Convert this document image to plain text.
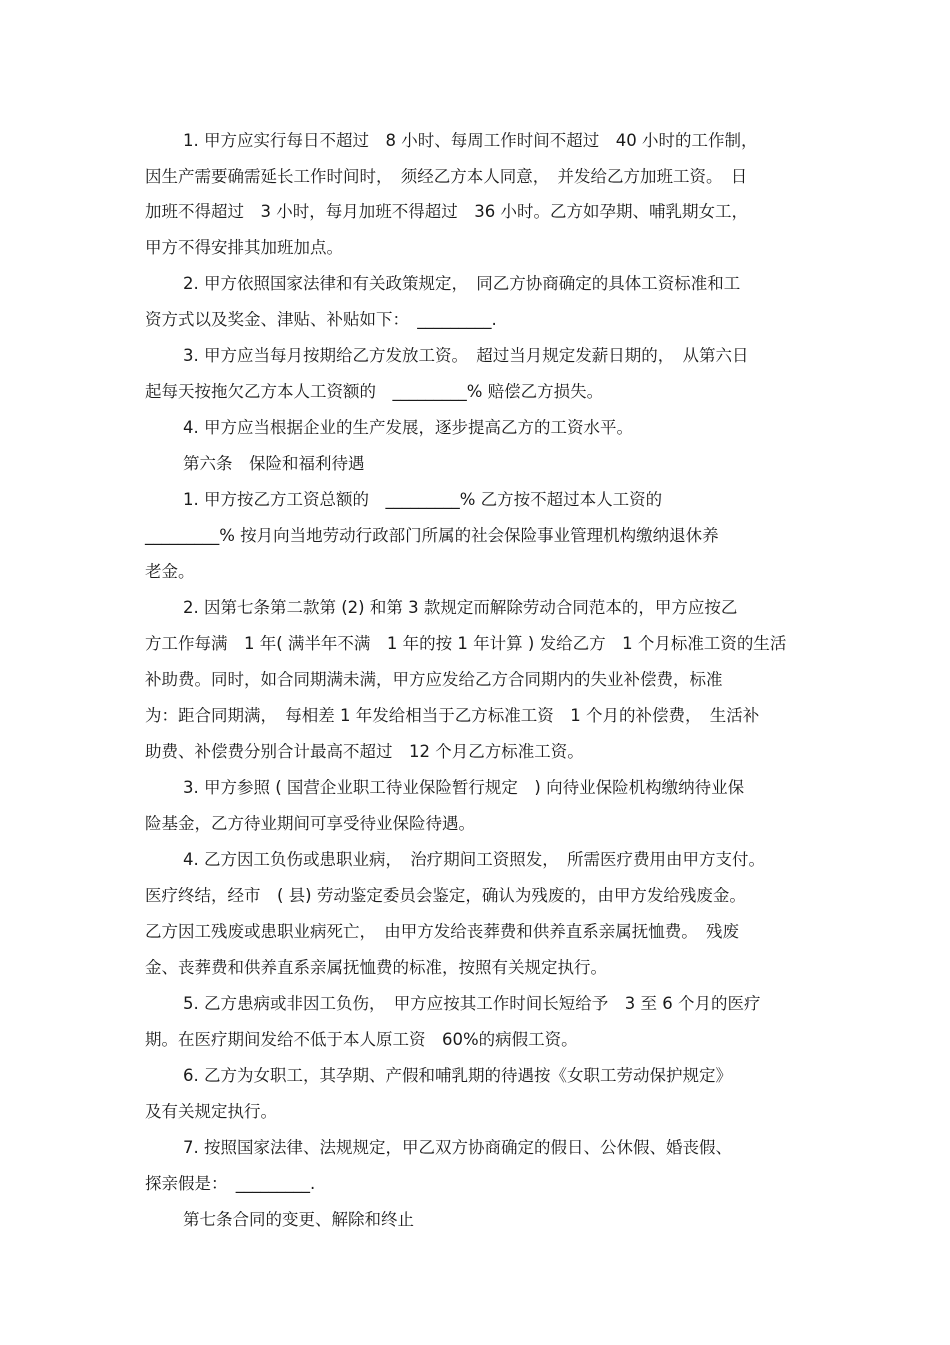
1. 甲方应实行每日不超过　8 小时、每周工作时间不超过　40 小时的工作制，
因生产需要确需延长工作时间时，　须经乙方本人同意，　并发给乙方加班工资。　日
加班不得超过　3 小时，每月加班不得超过　36 小时。乙方如孕期、哺乳期女工，
甲方不得安排其加班加点。
2. 甲方依照国家法律和有关政策规定，　同乙方协商确定的具体工资标准和工
资方式以及奖金、津贴、补贴如下：　_________.
3. 甲方应当每月按期给乙方发放工资。　超过当月规定发薪日期的，　从第六日
起每天按拖欠乙方本人工资额的　_________% 赔偿乙方损失。
4. 甲方应当根据企业的生产发展，逐步提高乙方的工资水平。
第六条　保险和福利待遇
1. 甲方按乙方工资总额的　_________% 乙方按不超过本人工资的
_________% 按月向当地劳动行政部门所属的社会保险事业管理机构缴纳退休养
老金。
2. 因第七条第二款第 (2) 和第 3 款规定而解除劳动合同范本的，甲方应按乙
方工作每满　1 年( 满半年不满　1 年的按 1 年计算 ) 发给乙方　1 个月标准工资的生活
补助费。同时，如合同期满未满，甲方应发给乙方合同期内的失业补偿费，标准
为：距合同期满，　每相差 1 年发给相当于乙方标准工资　1 个月的补偿费，　生活补
助费、补偿费分别合计最高不超过　12 个月乙方标准工资。
3. 甲方参照 ( 国营企业职工待业保险暂行规定　) 向待业保险机构缴纳待业保
险基金，乙方待业期间可享受待业保险待遇。
4. 乙方因工负伤或患职业病，　治疗期间工资照发，　所需医疗费用由甲方支付。
医疗终结，经市　( 县) 劳动鉴定委员会鉴定，确认为残废的，由甲方发给残废金。
乙方因工残废或患职业病死亡，　由甲方发给丧葬费和供养直系亲属抚恤费。　残废
金、丧葬费和供养直系亲属抚恤费的标准，按照有关规定执行。
5. 乙方患病或非因工负伤，　甲方应按其工作时间长短给予　3 至 6 个月的医疗
期。在医疗期间发给不低于本人原工资　60%的病假工资。
6. 乙方为女职工，其孕期、产假和哺乳期的待遇按《女职工劳动保护规定》
及有关规定执行。
7. 按照国家法律、法规规定，甲乙双方协商确定的假日、公休假、婚丧假、
探亲假是：　_________.
第七条合同的变更、解除和终止
